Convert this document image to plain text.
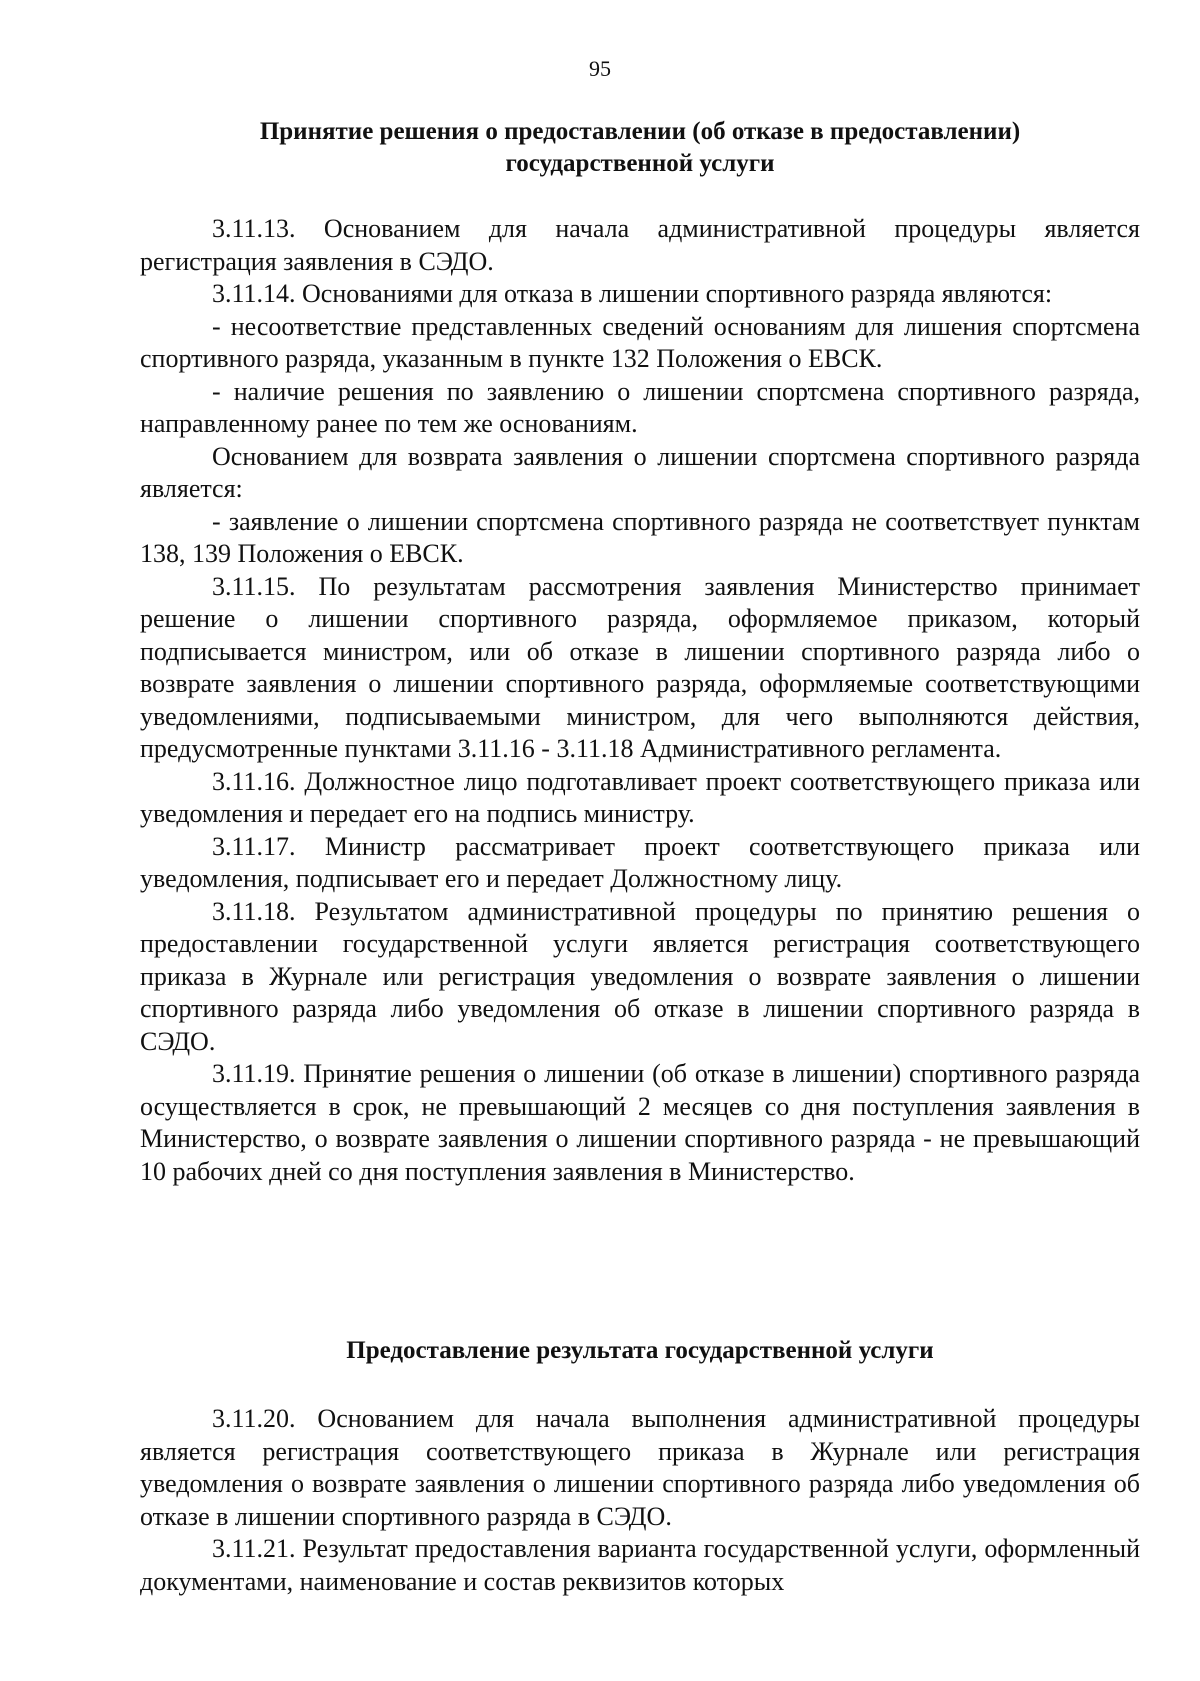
95
Принятие решения о предоставлении (об отказе в предоставлении)
государственной услуги

3.11.13. Основанием для начала административной процедуры является регистрация заявления в СЭДО.

3.11.14. Основаниями для отказа в лишении спортивного разряда являются:

- несоответствие представленных сведений основаниям для лишения спортсмена спортивного разряда, указанным в пункте 132 Положения о ЕВСК.

- наличие решения по заявлению о лишении спортсмена спортивного разряда, направленному ранее по тем же основаниям.

Основанием для возврата заявления о лишении спортсмена спортивного разряда является:

- заявление о лишении спортсмена спортивного разряда не соответствует пунктам 138, 139 Положения о ЕВСК.

3.11.15. По результатам рассмотрения заявления Министерство принимает решение о лишении спортивного разряда, оформляемое приказом, который подписывается министром, или об отказе в лишении спортивного разряда либо о возврате заявления о лишении спортивного разряда, оформляемые соответствующими уведомлениями, подписываемыми министром, для чего выполняются действия, предусмотренные пунктами 3.11.16 - 3.11.18 Административного регламента.

3.11.16. Должностное лицо подготавливает проект соответствующего приказа или уведомления и передает его на подпись министру.

3.11.17. Министр рассматривает проект соответствующего приказа или уведомления, подписывает его и передает Должностному лицу.

3.11.18. Результатом административной процедуры по принятию решения о предоставлении государственной услуги является регистрация соответствующего приказа в Журнале или регистрация уведомления о возврате заявления о лишении спортивного разряда либо уведомления об отказе в лишении спортивного разряда в СЭДО.

3.11.19. Принятие решения о лишении (об отказе в лишении) спортивного разряда осуществляется в срок, не превышающий 2 месяцев со дня поступления заявления в Министерство, о возврате заявления о лишении спортивного разряда - не превышающий 10 рабочих дней со дня поступления заявления в Министерство.

Предоставление результата государственной услуги

3.11.20. Основанием для начала выполнения административной процедуры является регистрация соответствующего приказа в Журнале или регистрация уведомления о возврате заявления о лишении спортивного разряда либо уведомления об отказе в лишении спортивного разряда в СЭДО.

3.11.21. Результат предоставления варианта государственной услуги, оформленный документами, наименование и состав реквизитов которых
